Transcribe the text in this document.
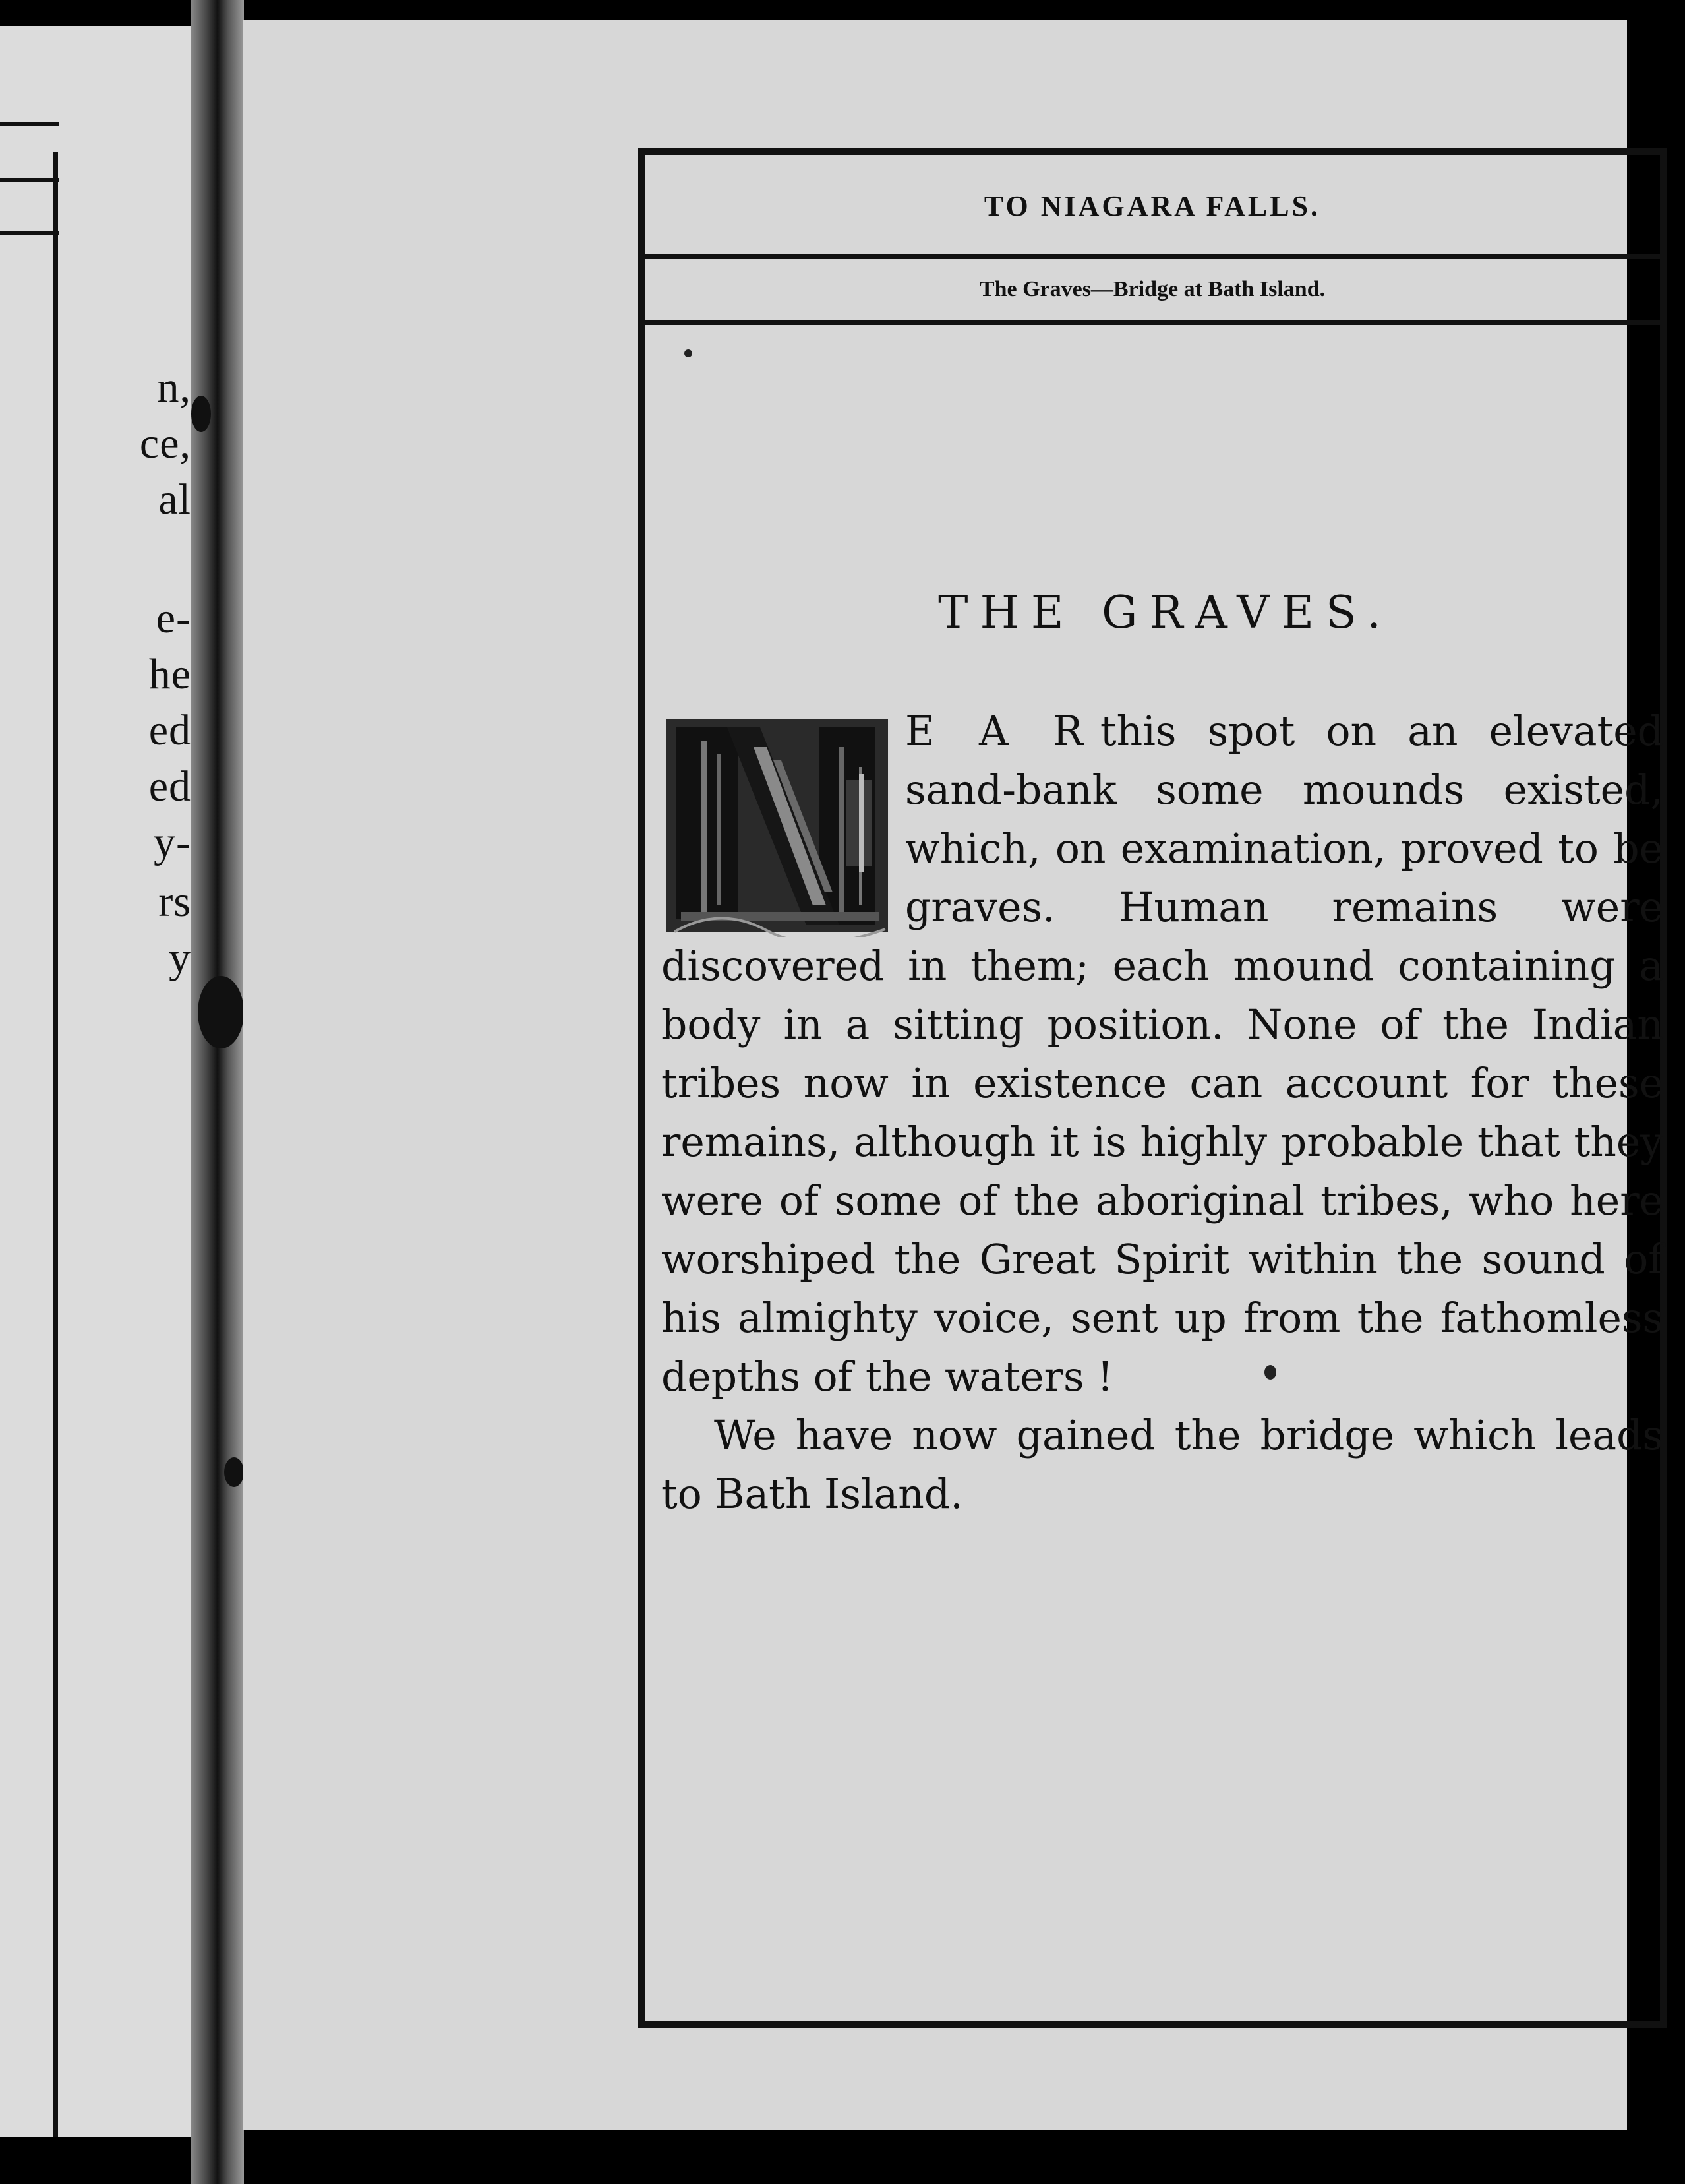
n,
ce,
al
e-
he
ed
ed
y-
rs
y
TO NIAGARA FALLS.
The Graves—Bridge at Bath Island.
THE GRAVES.

E A R this spot on an elevated sand-bank some mounds existed, which, on examination, proved to be graves. Human remains were discovered in them; each mound containing a body in a sitting position. None of the Indian tribes now in existence can account for these remains, although it is highly probable that they were of some of the aboriginal tribes, who here worshiped the Great Spirit within the sound of his almighty voice, sent up from the fathomless depths of the waters !

We have now gained the bridge which leads to Bath Island.
